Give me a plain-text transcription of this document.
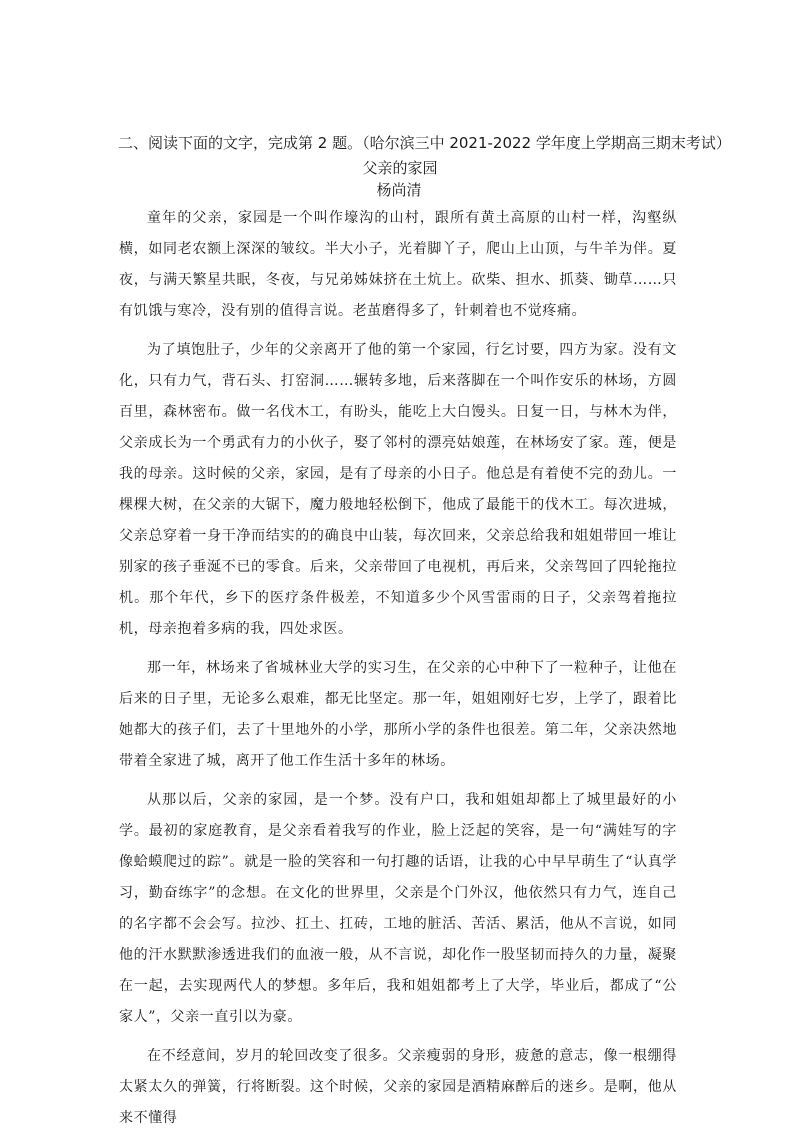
二、阅读下面的文字，完成第 2 题。（哈尔滨三中 2021-2022 学年度上学期高三期末考试）
父亲的家园
杨尚清

童年的父亲，家园是一个叫作壕沟的山村，跟所有黄土高原的山村一样，沟壑纵横，如同老农额上深深的皱纹。半大小子，光着脚丫子，爬山上山顶，与牛羊为伴。夏夜，与满天繁星共眠，冬夜，与兄弟姊妹挤在土炕上。砍柴、担水、抓葵、锄草……只有饥饿与寒冷，没有别的值得言说。老茧磨得多了，针刺着也不觉疼痛。

为了填饱肚子，少年的父亲离开了他的第一个家园，行乞讨要，四方为家。没有文化，只有力气，背石头、打窑洞……辗转多地，后来落脚在一个叫作安乐的林场，方圆百里，森林密布。做一名伐木工，有盼头，能吃上大白馒头。日复一日，与林木为伴，父亲成长为一个勇武有力的小伙子，娶了邻村的漂亮姑娘莲，在林场安了家。莲，便是我的母亲。这时候的父亲，家园，是有了母亲的小日子。他总是有着使不完的劲儿。一棵棵大树，在父亲的大锯下，魔力般地轻松倒下，他成了最能干的伐木工。每次进城，父亲总穿着一身干净而结实的的确良中山装，每次回来，父亲总给我和姐姐带回一堆让别家的孩子垂涎不已的零食。后来，父亲带回了电视机，再后来，父亲驾回了四轮拖拉机。那个年代，乡下的医疗条件极差，不知道多少个风雪雷雨的日子，父亲驾着拖拉机，母亲抱着多病的我，四处求医。

那一年，林场来了省城林业大学的实习生，在父亲的心中种下了一粒种子，让他在后来的日子里，无论多么艰难，都无比坚定。那一年，姐姐刚好七岁，上学了，跟着比她都大的孩子们，去了十里地外的小学，那所小学的条件也很差。第二年，父亲决然地带着全家进了城，离开了他工作生活十多年的林场。

从那以后，父亲的家园，是一个梦。没有户口，我和姐姐却都上了城里最好的小学。最初的家庭教育，是父亲看着我写的作业，脸上泛起的笑容，是一句“满娃写的字像蛤蟆爬过的踪”。就是一脸的笑容和一句打趣的话语，让我的心中早早萌生了“认真学习，勤奋练字”的念想。在文化的世界里，父亲是个门外汉，他依然只有力气，连自己的名字都不会会写。拉沙、扛土、扛砖，工地的脏活、苦活、累活，他从不言说，如同他的汗水默默渗透进我们的血液一般，从不言说，却化作一股坚韧而持久的力量，凝聚在一起，去实现两代人的梦想。多年后，我和姐姐都考上了大学，毕业后，都成了“公家人”，父亲一直引以为豪。

在不经意间，岁月的轮回改变了很多。父亲瘦弱的身形，疲惫的意志，像一根绷得太紧太久的弹簧，行将断裂。这个时候，父亲的家园是酒精麻醉后的迷乡。是啊，他从来不懂得
